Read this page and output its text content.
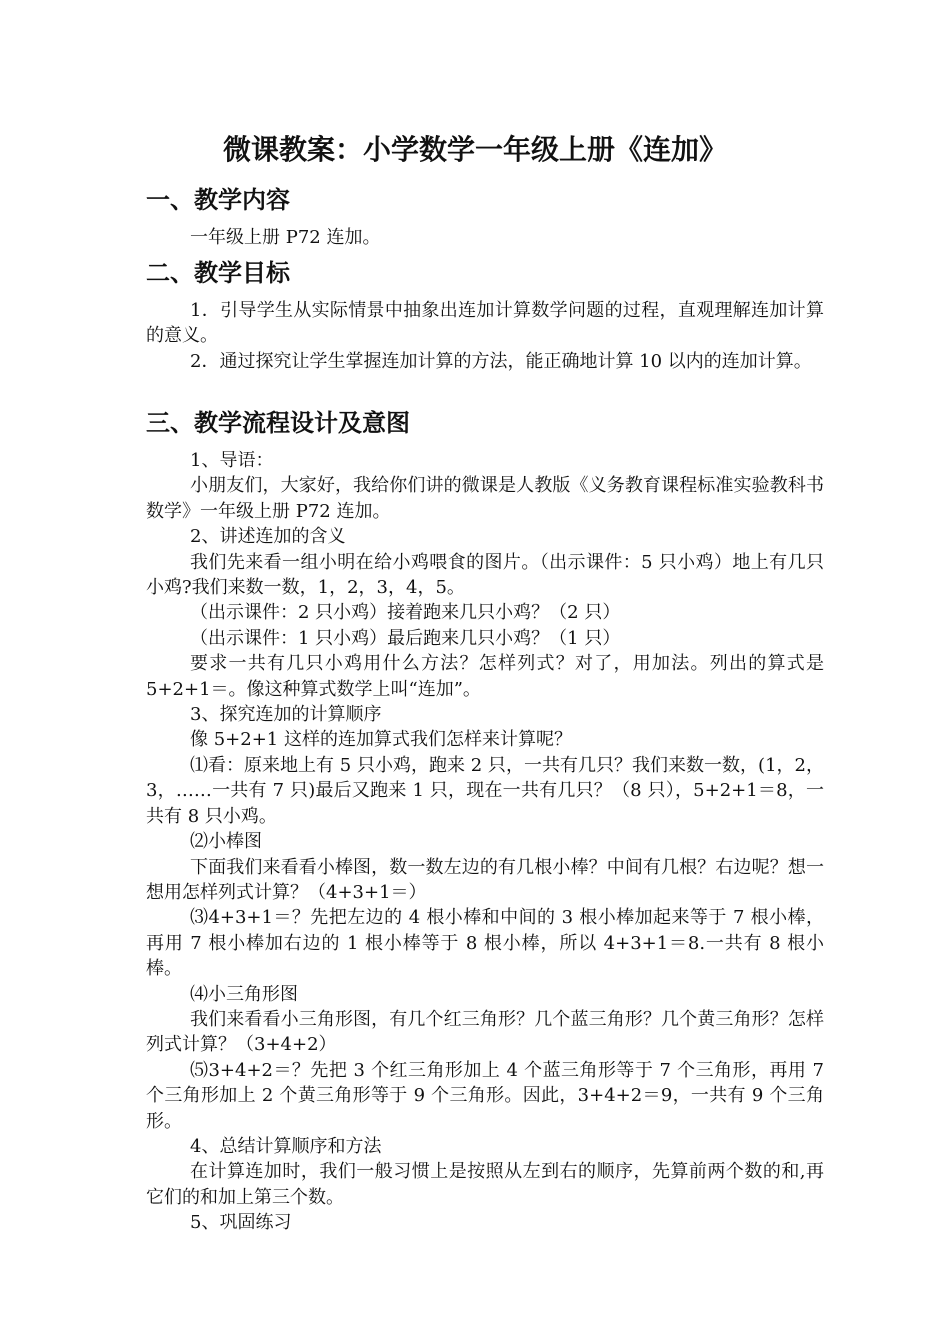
微课教案：小学数学一年级上册《连加》
一、教学内容

一年级上册 P72 连加。

二、教学目标

1．引导学生从实际情景中抽象出连加计算数学问题的过程，直观理解连加计算的意义。

2．通过探究让学生掌握连加计算的方法，能正确地计算 10 以内的连加计算。

三、教学流程设计及意图

1、导语：

小朋友们，大家好，我给你们讲的微课是人教版《义务教育课程标准实验教科书数学》一年级上册 P72 连加。

2、讲述连加的含义

我们先来看一组小明在给小鸡喂食的图片。（出示课件：5 只小鸡）地上有几只小鸡?我们来数一数，1，2，3，4，5。

（出示课件：2 只小鸡）接着跑来几只小鸡？（2 只）

（出示课件：1 只小鸡）最后跑来几只小鸡？（1 只）

要求一共有几只小鸡用什么方法？怎样列式？对了，用加法。列出的算式是 5+2+1＝。像这种算式数学上叫“连加”。

3、探究连加的计算顺序

像 5+2+1 这样的连加算式我们怎样来计算呢？

⑴看：原来地上有 5 只小鸡，跑来 2 只，一共有几只？我们来数一数，(1，2，3，……一共有 7 只)最后又跑来 1 只，现在一共有几只？（8 只），5+2+1＝8，一共有 8 只小鸡。

⑵小棒图

下面我们来看看小棒图，数一数左边的有几根小棒？中间有几根？右边呢？想一想用怎样列式计算？（4+3+1＝）

⑶4+3+1＝？先把左边的 4 根小棒和中间的 3 根小棒加起来等于 7 根小棒，再用 7 根小棒加右边的 1 根小棒等于 8 根小棒，所以 4+3+1＝8.一共有 8 根小棒。

⑷小三角形图

我们来看看小三角形图，有几个红三角形？几个蓝三角形？几个黄三角形？怎样列式计算？（3+4+2）

⑸3+4+2＝？先把 3 个红三角形加上 4 个蓝三角形等于 7 个三角形，再用 7 个三角形加上 2 个黄三角形等于 9 个三角形。因此，3+4+2＝9，一共有 9 个三角形。

4、总结计算顺序和方法

在计算连加时，我们一般习惯上是按照从左到右的顺序，先算前两个数的和,再它们的和加上第三个数。

5、巩固练习
